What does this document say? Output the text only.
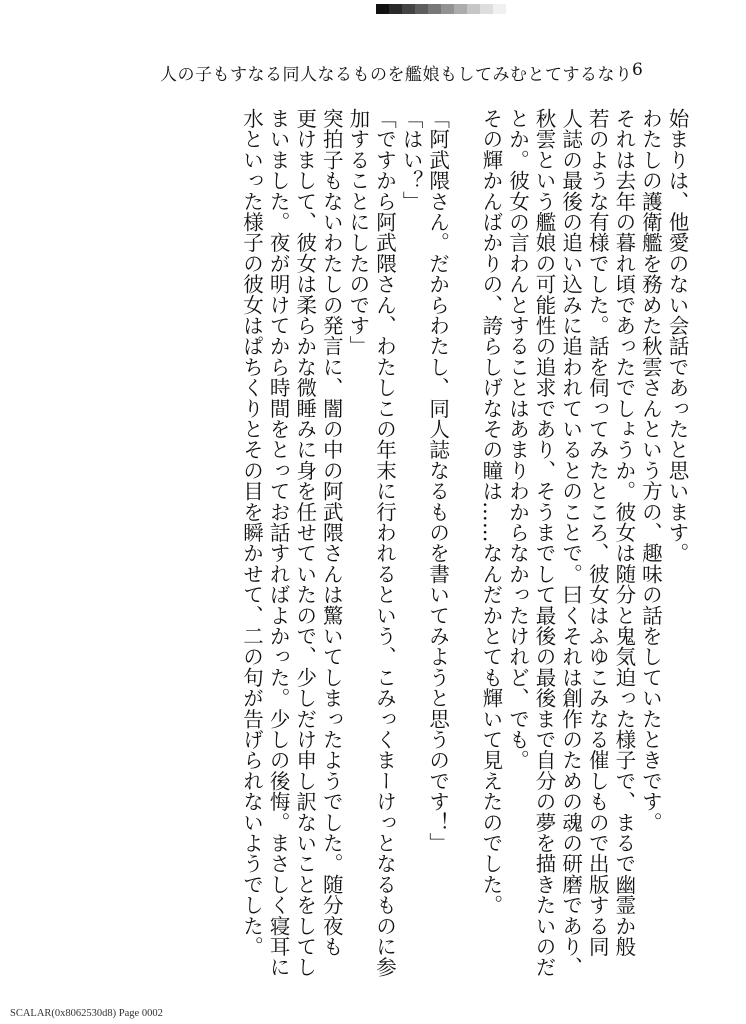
人の子もすなる同人なるものを艦娘もしてみむとてするなり 6

始まりは、他愛のない会話であったと思います。

わたしの護衛艦を務めた秋雲さんという方の、趣味の話をしていたときです。

それは去年の暮れ頃であったでしょうか。彼女は随分と鬼気迫った様子で、まるで幽霊か般

若のような有様でした。話を伺ってみたところ、彼女はふゆこみなる催しもので出版する同

人誌の最後の追い込みに追われているとのことで。曰くそれは創作のための魂の研磨であり、

秋雲という艦娘の可能性の追求であり、そうまでして最後の最後まで自分の夢を描きたいのだ

とか。彼女の言わんとすることはあまりわからなかったけれど、でも。

その輝かんばかりの、誇らしげなその瞳は……なんだかとても輝いて見えたのでした。

「阿武隈さん。だからわたし、同人誌なるものを書いてみようと思うのです！」

「はい？」

「ですから阿武隈さん、わたしこの年末に行われるという、こみっくまーけっとなるものに参

加することにしたのです」

突拍子もないわたしの発言に、闇の中の阿武隈さんは驚いてしまったようでした。随分夜も

更けまして、彼女は柔らかな微睡みに身を任せていたので、少しだけ申し訳ないことをしてし

まいました。夜が明けてから時間をとってお話すればよかった。少しの後悔。まさしく寝耳に

水といった様子の彼女はぱちくりとその目を瞬かせて、二の句が告げられないようでした。

SCALAR(0x8062530d8) Page 0002
